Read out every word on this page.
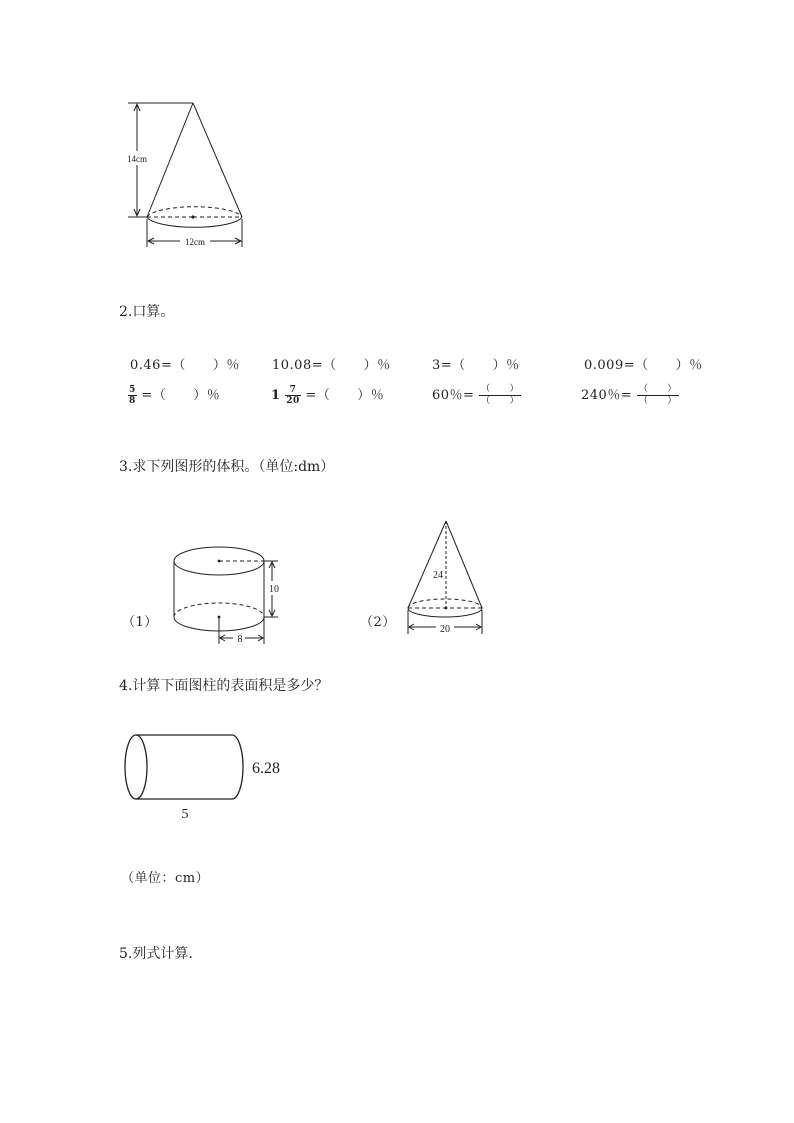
14cm
12cm
2.口算。
0.46=（　　）％ 10.08=（　　）％	3=（　　）％	0.009=（　　）％
$\frac{5}{8}$ =（　　）％	$1 \frac{7}{20}$ =（　　）％	60％= $\frac{( )}{( )}$	240％= $\frac{( )}{( )}$
3.求下列图形的体积。（单位:dm）
（1）
10
8
（2）
24
20
4.计算下面图柱的表面积是多少？
6.28
5
（单位：cm）
5.列式计算.
